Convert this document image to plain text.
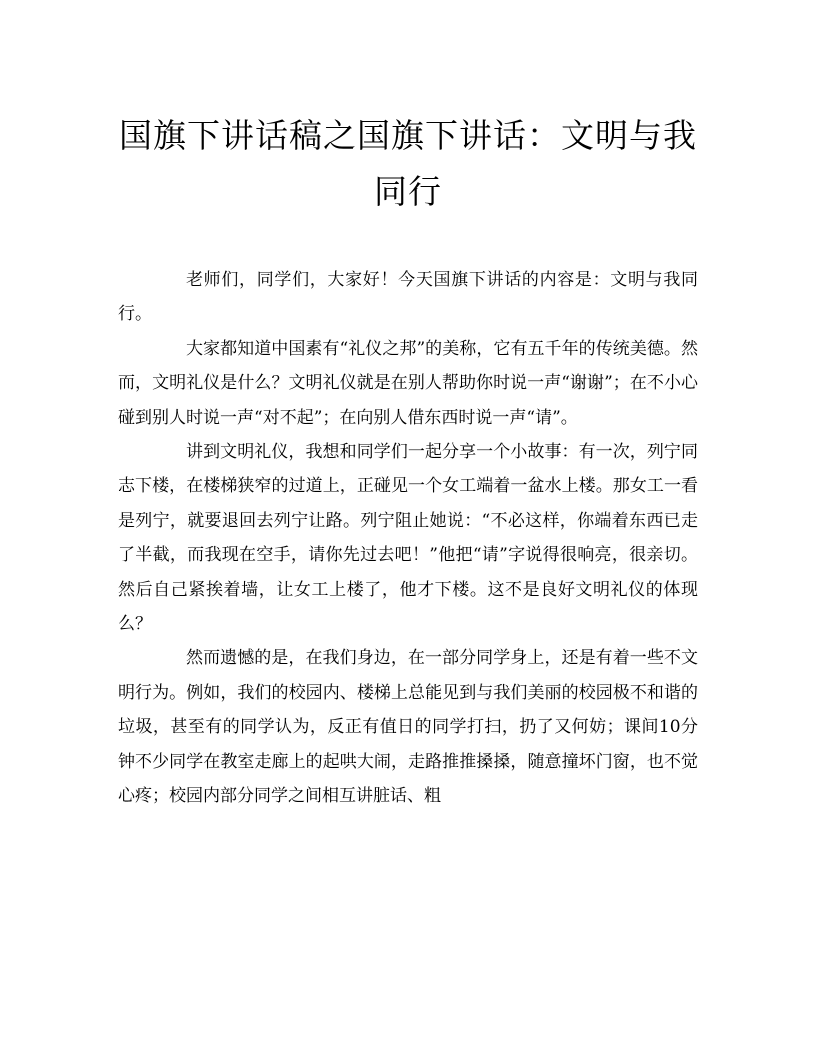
国旗下讲话稿之国旗下讲话：文明与我同行

老师们，同学们，大家好！今天国旗下讲话的内容是：文明与我同行。

大家都知道中国素有“礼仪之邦”的美称，它有五千年的传统美德。然而，文明礼仪是什么？文明礼仪就是在别人帮助你时说一声“谢谢”；在不小心碰到别人时说一声“对不起”；在向别人借东西时说一声“请”。

讲到文明礼仪，我想和同学们一起分享一个小故事：有一次，列宁同志下楼，在楼梯狭窄的过道上，正碰见一个女工端着一盆水上楼。那女工一看是列宁，就要退回去列宁让路。列宁阻止她说：“不必这样，你端着东西已走了半截，而我现在空手，请你先过去吧！”他把“请”字说得很响亮，很亲切。然后自己紧挨着墙，让女工上楼了，他才下楼。这不是良好文明礼仪的体现么？

然而遗憾的是，在我们身边，在一部分同学身上，还是有着一些不文明行为。例如，我们的校园内、楼梯上总能见到与我们美丽的校园极不和谐的垃圾，甚至有的同学认为，反正有值日的同学打扫，扔了又何妨；课间10分钟不少同学在教室走廊上的起哄大闹，走路推推搡搡，随意撞坏门窗，也不觉心疼；校园内部分同学之间相互讲脏话、粗
